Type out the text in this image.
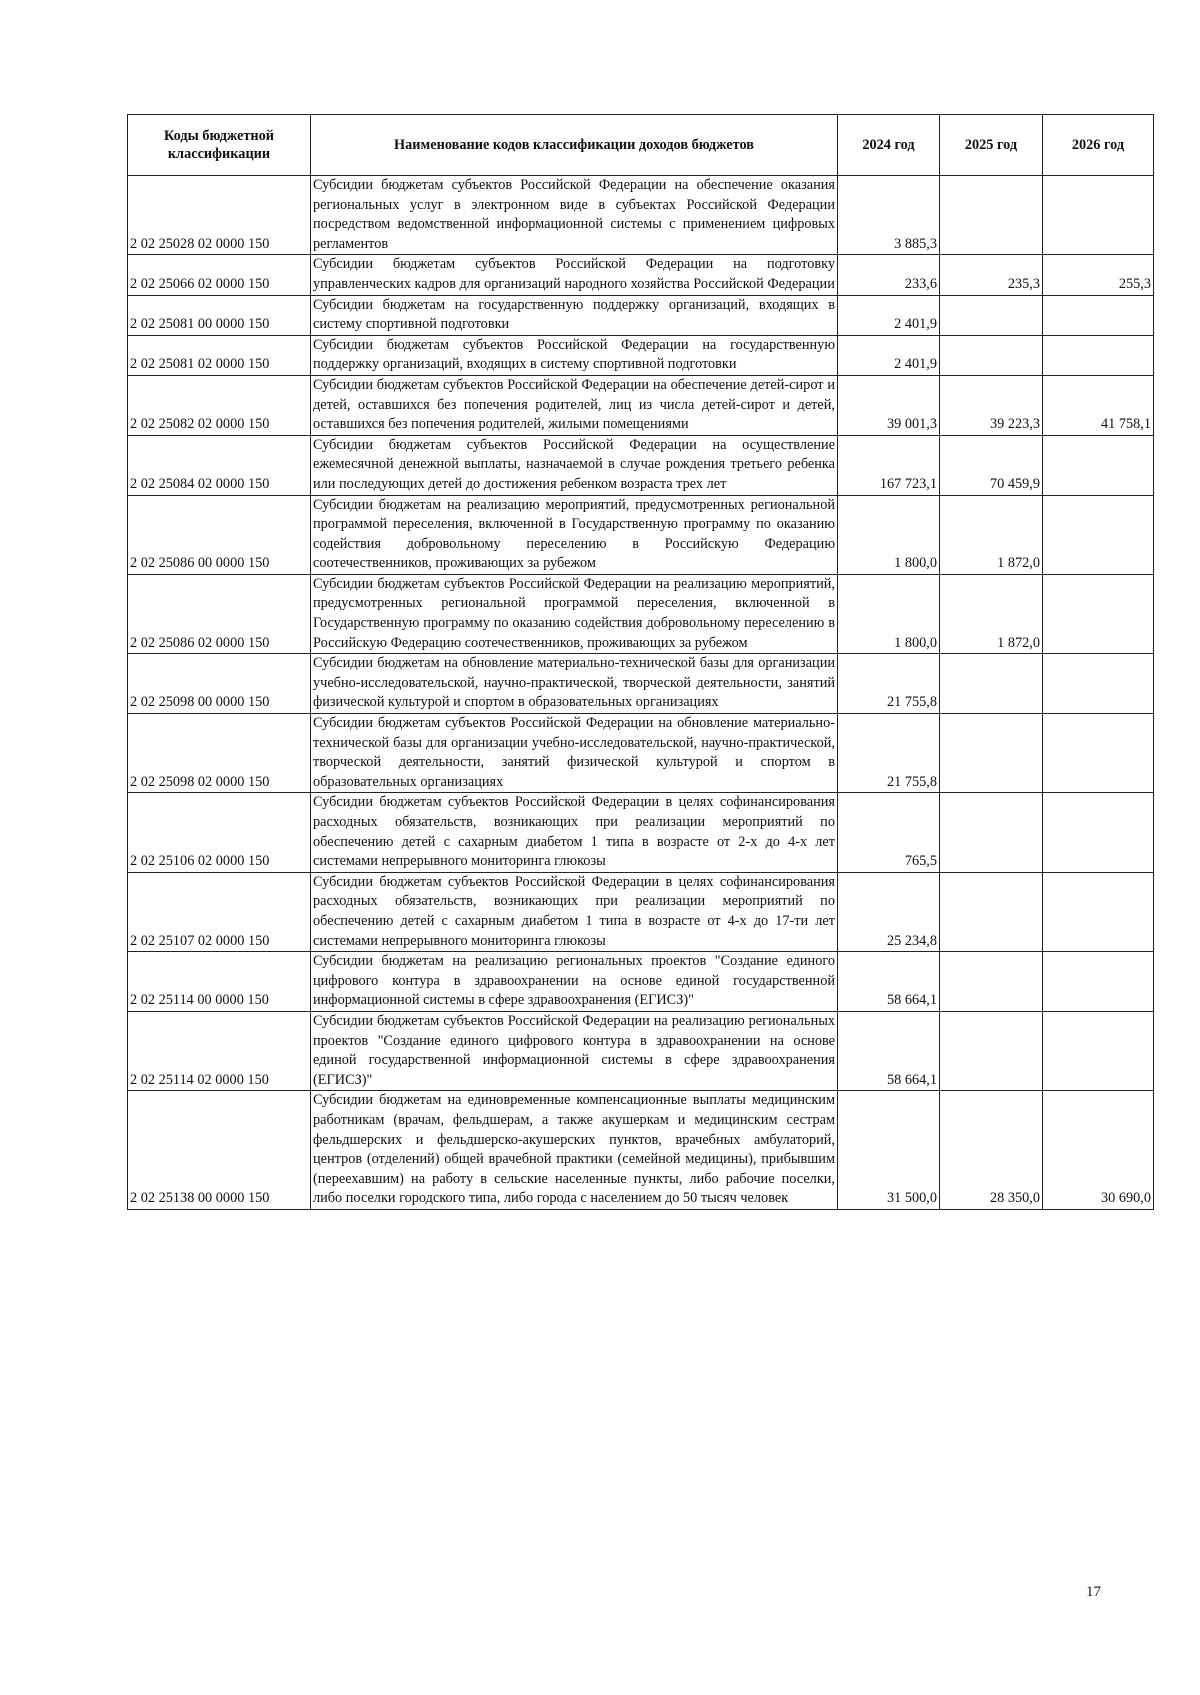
Коды бюджетной классификации	Наименование кодов классификации доходов бюджетов	2024 год	2025 год	2026 год
2 02 25028 02 0000 150	Субсидии бюджетам субъектов Российской Федерации на обеспечение оказания региональных услуг в электронном виде в субъектах Российской Федерации посредством ведомственной информационной системы с применением цифровых регламентов	3 885,3		
2 02 25066 02 0000 150	Субсидии бюджетам субъектов Российской Федерации на подготовку управленческих кадров для организаций народного хозяйства Российской Федерации	233,6	235,3	255,3
2 02 25081 00 0000 150	Субсидии бюджетам на государственную поддержку организаций, входящих в систему спортивной подготовки	2 401,9		
2 02 25081 02 0000 150	Субсидии бюджетам субъектов Российской Федерации на государственную поддержку организаций, входящих в систему спортивной подготовки	2 401,9		
2 02 25082 02 0000 150	Субсидии бюджетам субъектов Российской Федерации на обеспечение детей-сирот и детей, оставшихся без попечения родителей, лиц из числа детей-сирот и детей, оставшихся без попечения родителей, жилыми помещениями	39 001,3	39 223,3	41 758,1
2 02 25084 02 0000 150	Субсидии бюджетам субъектов Российской Федерации на осуществление ежемесячной денежной выплаты, назначаемой в случае рождения третьего ребенка или последующих детей до достижения ребенком возраста трех лет	167 723,1	70 459,9	
2 02 25086 00 0000 150	Субсидии бюджетам на реализацию мероприятий, предусмотренных региональной программой переселения, включенной в Государственную программу по оказанию содействия добровольному переселению в Российскую Федерацию соотечественников, проживающих за рубежом	1 800,0	1 872,0	
2 02 25086 02 0000 150	Субсидии бюджетам субъектов Российской Федерации на реализацию мероприятий, предусмотренных региональной программой переселения, включенной в Государственную программу по оказанию содействия добровольному переселению в Российскую Федерацию соотечественников, проживающих за рубежом	1 800,0	1 872,0	
2 02 25098 00 0000 150	Субсидии бюджетам на обновление материально-технической базы для организации учебно-исследовательской, научно-практической, творческой деятельности, занятий физической культурой и спортом в образовательных организациях	21 755,8		
2 02 25098 02 0000 150	Субсидии бюджетам субъектов Российской Федерации на обновление материально-технической базы для организации учебно-исследовательской, научно-практической, творческой деятельности, занятий физической культурой и спортом в образовательных организациях	21 755,8		
2 02 25106 02 0000 150	Субсидии бюджетам субъектов Российской Федерации в целях софинансирования расходных обязательств, возникающих при реализации мероприятий по обеспечению детей с сахарным диабетом 1 типа в возрасте от 2-х до 4-х лет системами непрерывного мониторинга глюкозы	765,5		
2 02 25107 02 0000 150	Субсидии бюджетам субъектов Российской Федерации в целях софинансирования расходных обязательств, возникающих при реализации мероприятий по обеспечению детей с сахарным диабетом 1 типа в возрасте от 4-х до 17-ти лет системами непрерывного мониторинга глюкозы	25 234,8		
2 02 25114 00 0000 150	Субсидии бюджетам на реализацию региональных проектов "Создание единого цифрового контура в здравоохранении на основе единой государственной информационной системы в сфере здравоохранения (ЕГИСЗ)"	58 664,1		
2 02 25114 02 0000 150	Субсидии бюджетам субъектов Российской Федерации на реализацию региональных проектов "Создание единого цифрового контура в здравоохранении на основе единой государственной информационной системы в сфере здравоохранения (ЕГИСЗ)"	58 664,1		
2 02 25138 00 0000 150	Субсидии бюджетам на единовременные компенсационные выплаты медицинским работникам (врачам, фельдшерам, а также акушеркам и медицинским сестрам фельдшерских и фельдшерско-акушерских пунктов, врачебных амбулаторий, центров (отделений) общей врачебной практики (семейной медицины), прибывшим (переехавшим) на работу в сельские населенные пункты, либо рабочие поселки, либо поселки городского типа, либо города с населением до 50 тысяч человек	31 500,0	28 350,0	30 690,0
17
